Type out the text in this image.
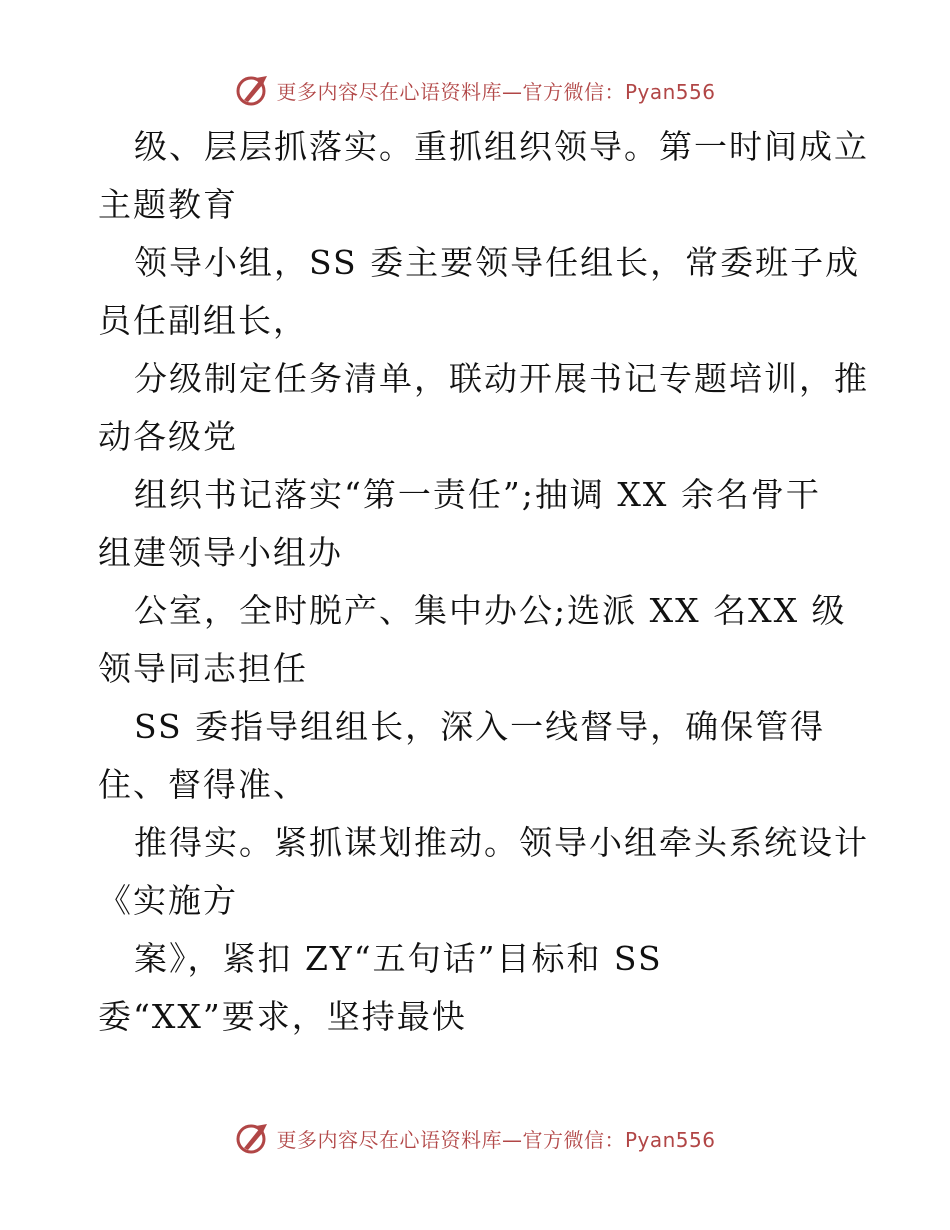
更多内容尽在心语资料库—官方微信：Pyan556
级、层层抓落实。重抓组织领导。第一时间成立
主题教育
领导小组，SS 委主要领导任组长，常委班子成
员任副组长，
分级制定任务清单，联动开展书记专题培训，推
动各级党
组织书记落实“第一责任”;抽调 XX 余名骨干
组建领导小组办
公室，全时脱产、集中办公;选派 XX 名XX 级
领导同志担任
SS 委指导组组长，深入一线督导，确保管得
住、督得准、
推得实。紧抓谋划推动。领导小组牵头系统设计
《实施方
案》，紧扣 ZY“五句话”目标和 SS
委“XX”要求，坚持最快
更多内容尽在心语资料库—官方微信：Pyan556
